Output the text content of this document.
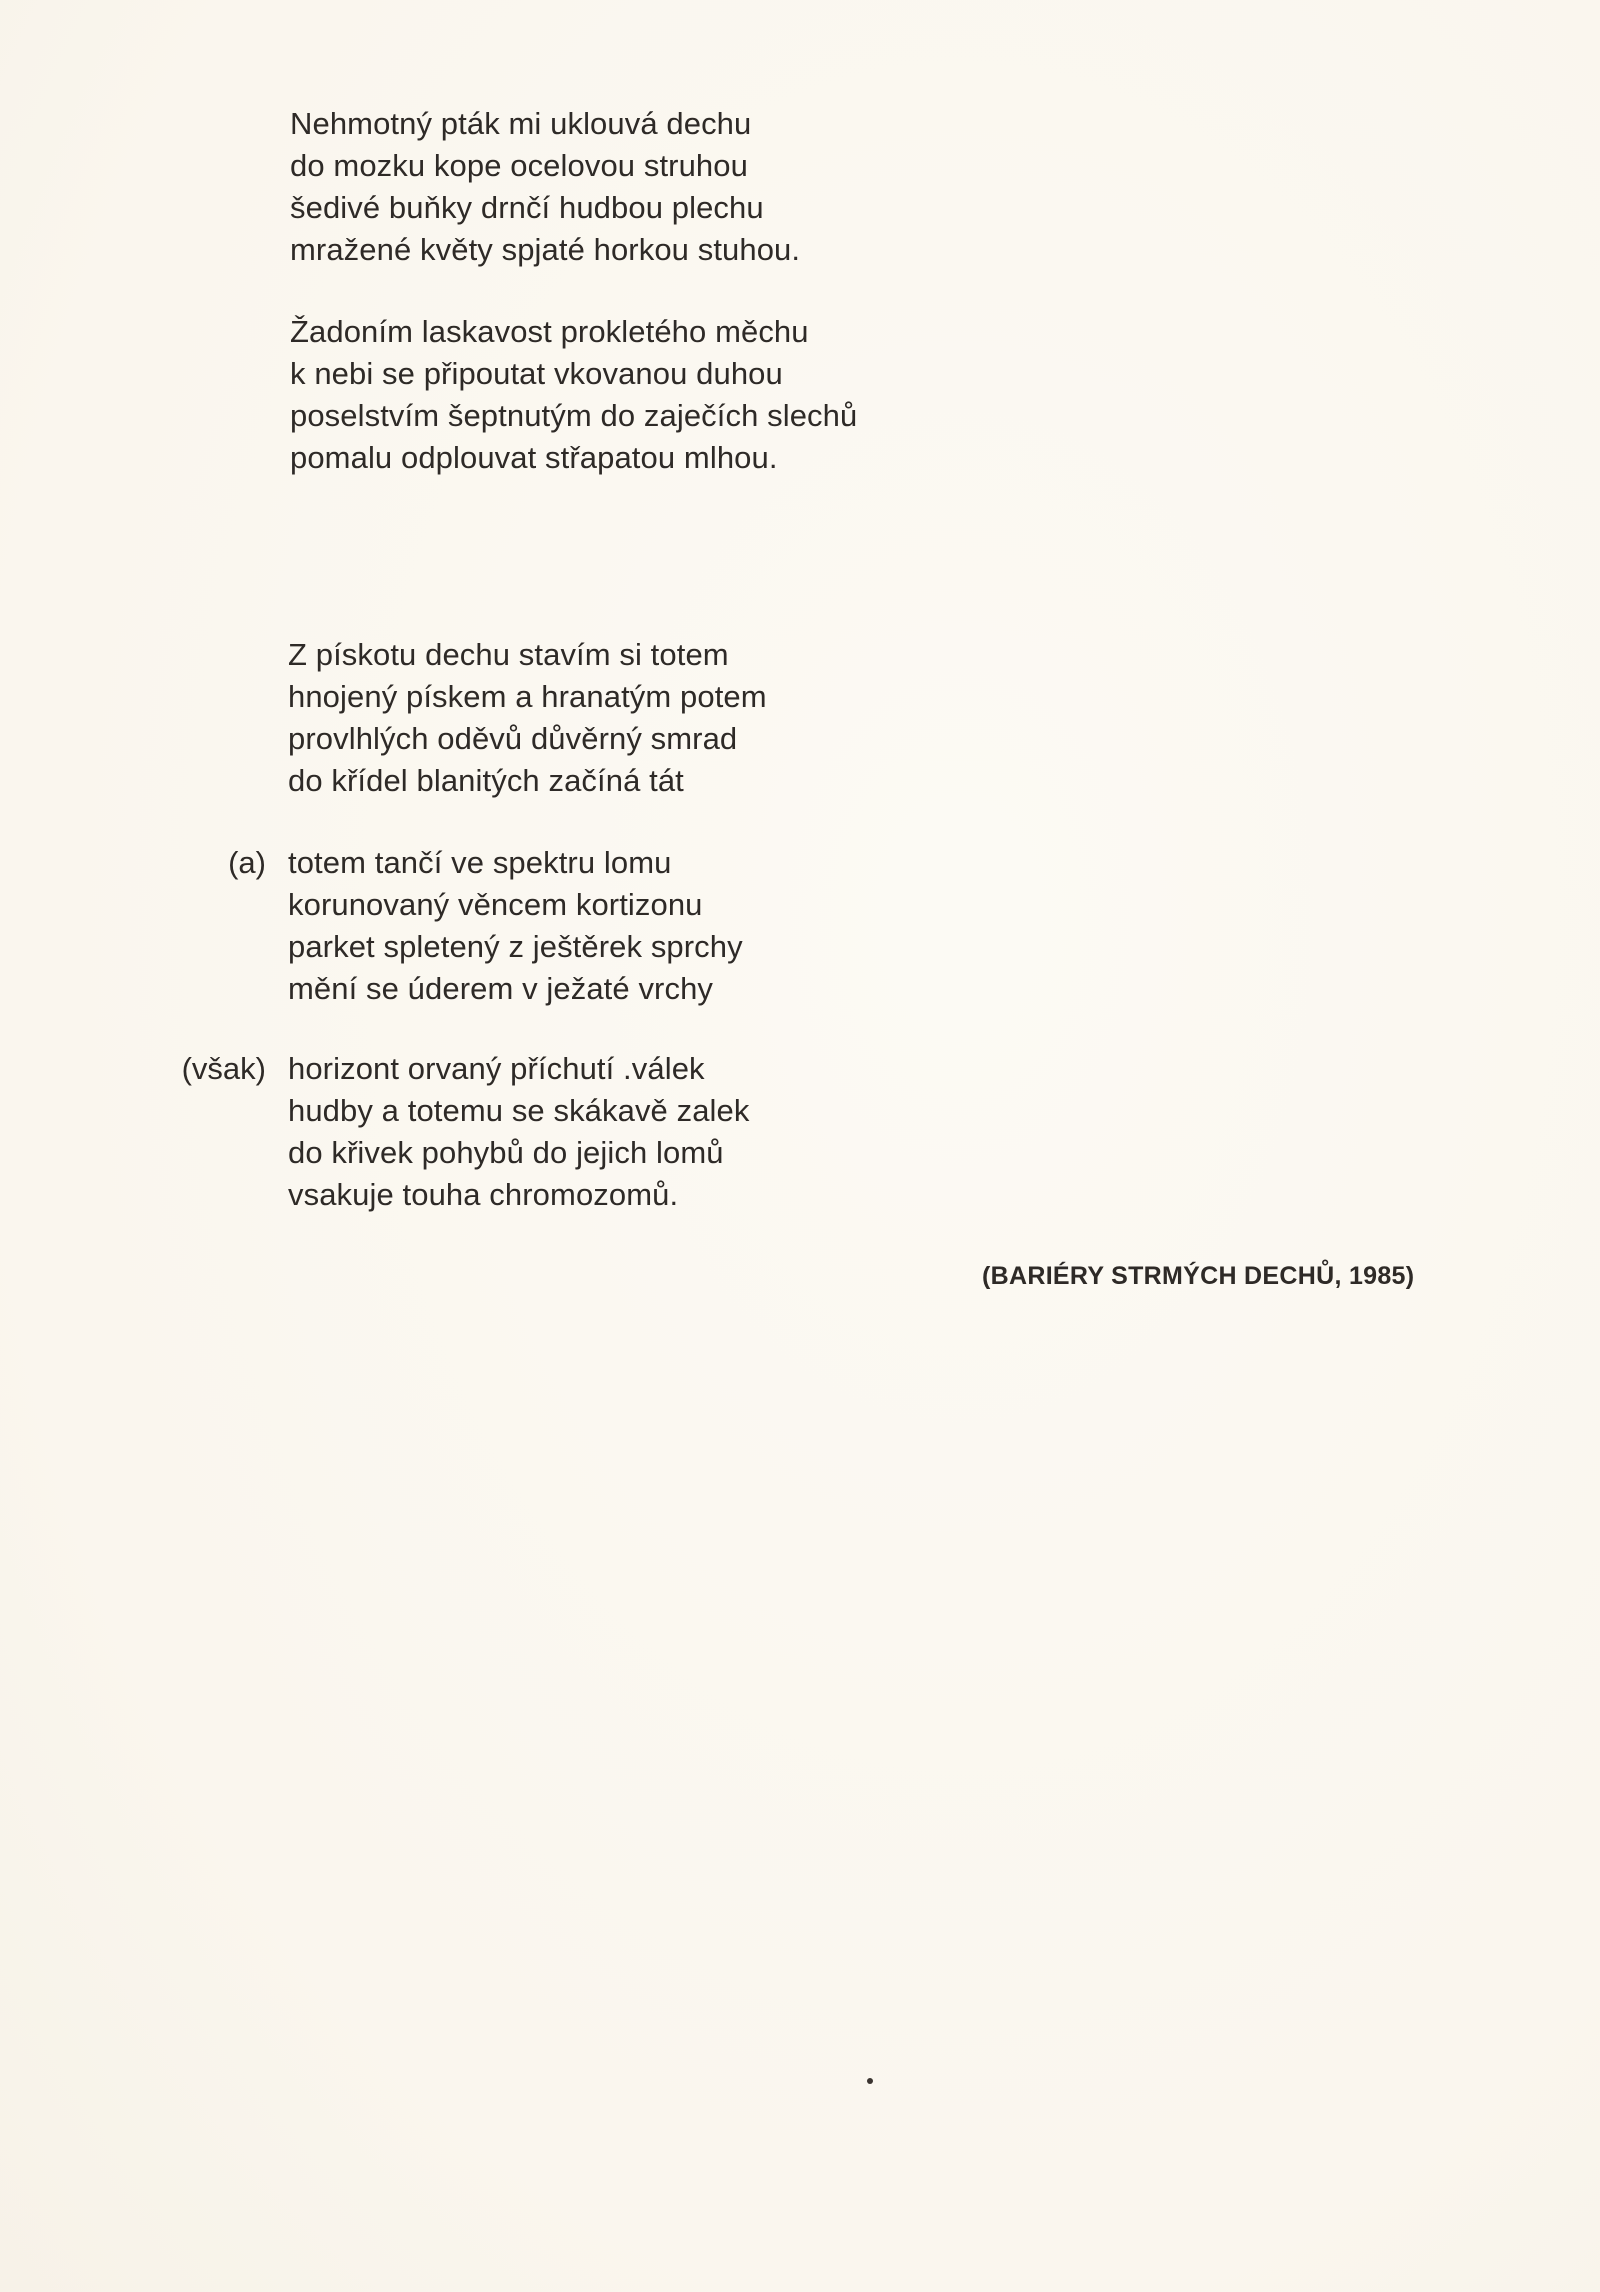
Nehmotný pták mi uklouvá dechu
do mozku kope ocelovou struhou
šedivé buňky drnčí hudbou plechu
mražené květy spjaté horkou stuhou.
Žadoním laskavost prokletého měchu
k nebi se připoutat vkovanou duhou
poselstvím šeptnutým do zaječích slechů
pomalu odplouvat střapatou mlhou.
Z pískotu dechu stavím si totem
hnojený pískem a hranatým potem
provlhlých oděvů důvěrný smrad
do křídel blanitých začíná tát
(a) totem tančí ve spektru lomu
korunovaný věncem kortizonu
parket spletený z ještěrek sprchy
mění se úderem v ježaté vrchy
(však) horizont orvaný příchutí .válek
hudby a totemu se skákavě zalek
do křivek pohybů do jejich lomů
vsakuje touha chromozomů.
(BARIÉRY STRMÝCH DECHŮ, 1985)
